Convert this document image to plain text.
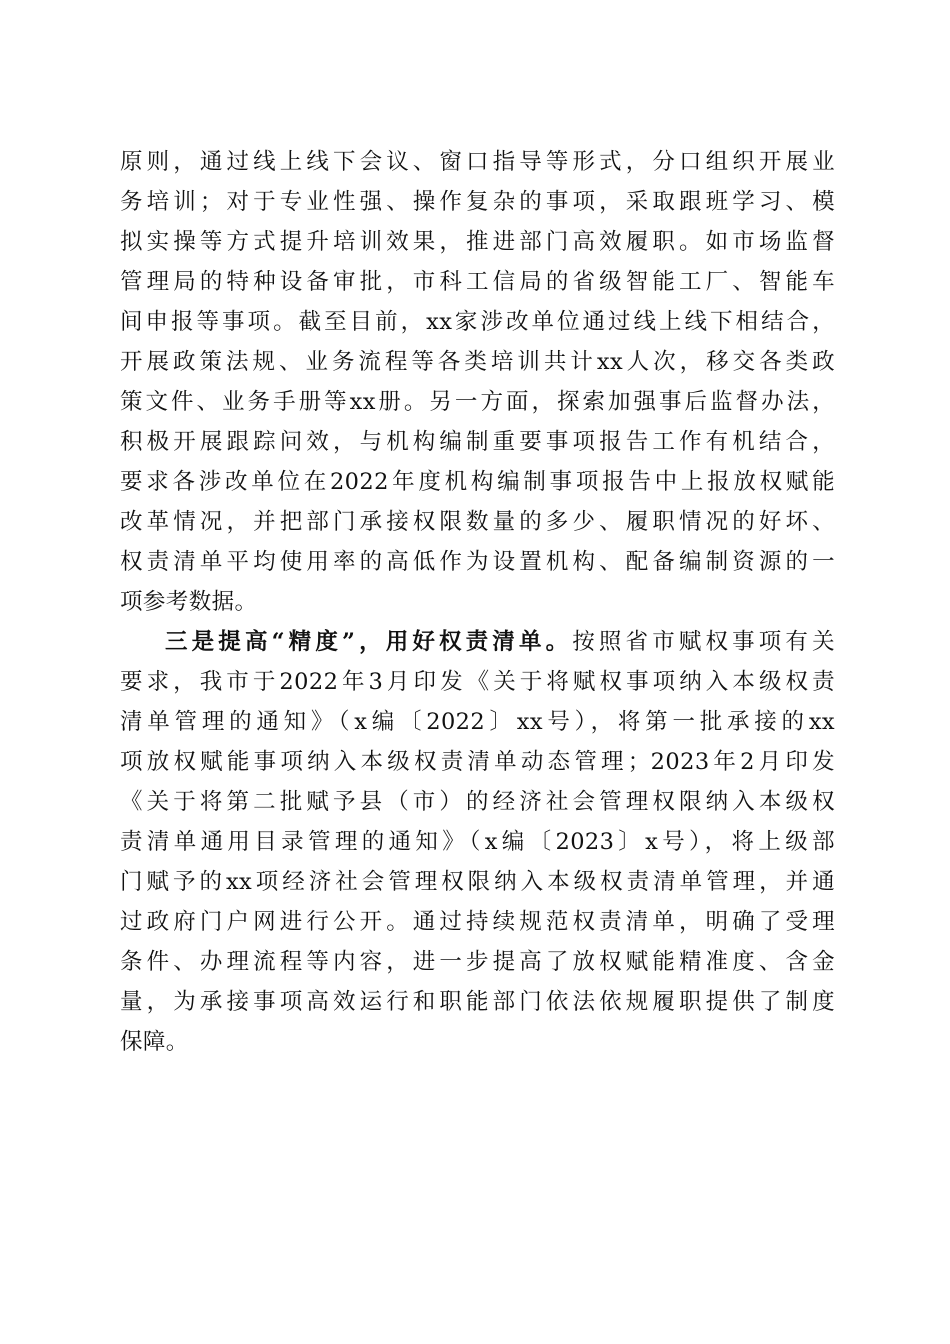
原则，通过线上线下会议、窗口指导等形式，分口组织开展业
务培训；对于专业性强、操作复杂的事项，采取跟班学习、模
拟实操等方式提升培训效果，推进部门高效履职。如市场监督
管理局的特种设备审批，市科工信局的省级智能工厂、智能车
间申报等事项。截至目前，xx家涉改单位通过线上线下相结合，
开展政策法规、业务流程等各类培训共计xx人次，移交各类政
策文件、业务手册等xx册。另一方面，探索加强事后监督办法，
积极开展跟踪问效，与机构编制重要事项报告工作有机结合，
要求各涉改单位在2022年度机构编制事项报告中上报放权赋能
改革情况，并把部门承接权限数量的多少、履职情况的好坏、
权责清单平均使用率的高低作为设置机构、配备编制资源的一
项参考数据。
三是提高“精度”，用好权责清单。按照省市赋权事项有关
要求，我市于2022年3月印发《关于将赋权事项纳入本级权责
清单管理的通知》（x编〔2022〕xx号），将第一批承接的xx
项放权赋能事项纳入本级权责清单动态管理；2023年2月印发
《关于将第二批赋予县（市）的经济社会管理权限纳入本级权
责清单通用目录管理的通知》（x编〔2023〕x号），将上级部
门赋予的xx项经济社会管理权限纳入本级权责清单管理，并通
过政府门户网进行公开。通过持续规范权责清单，明确了受理
条件、办理流程等内容，进一步提高了放权赋能精准度、含金
量，为承接事项高效运行和职能部门依法依规履职提供了制度
保障。
